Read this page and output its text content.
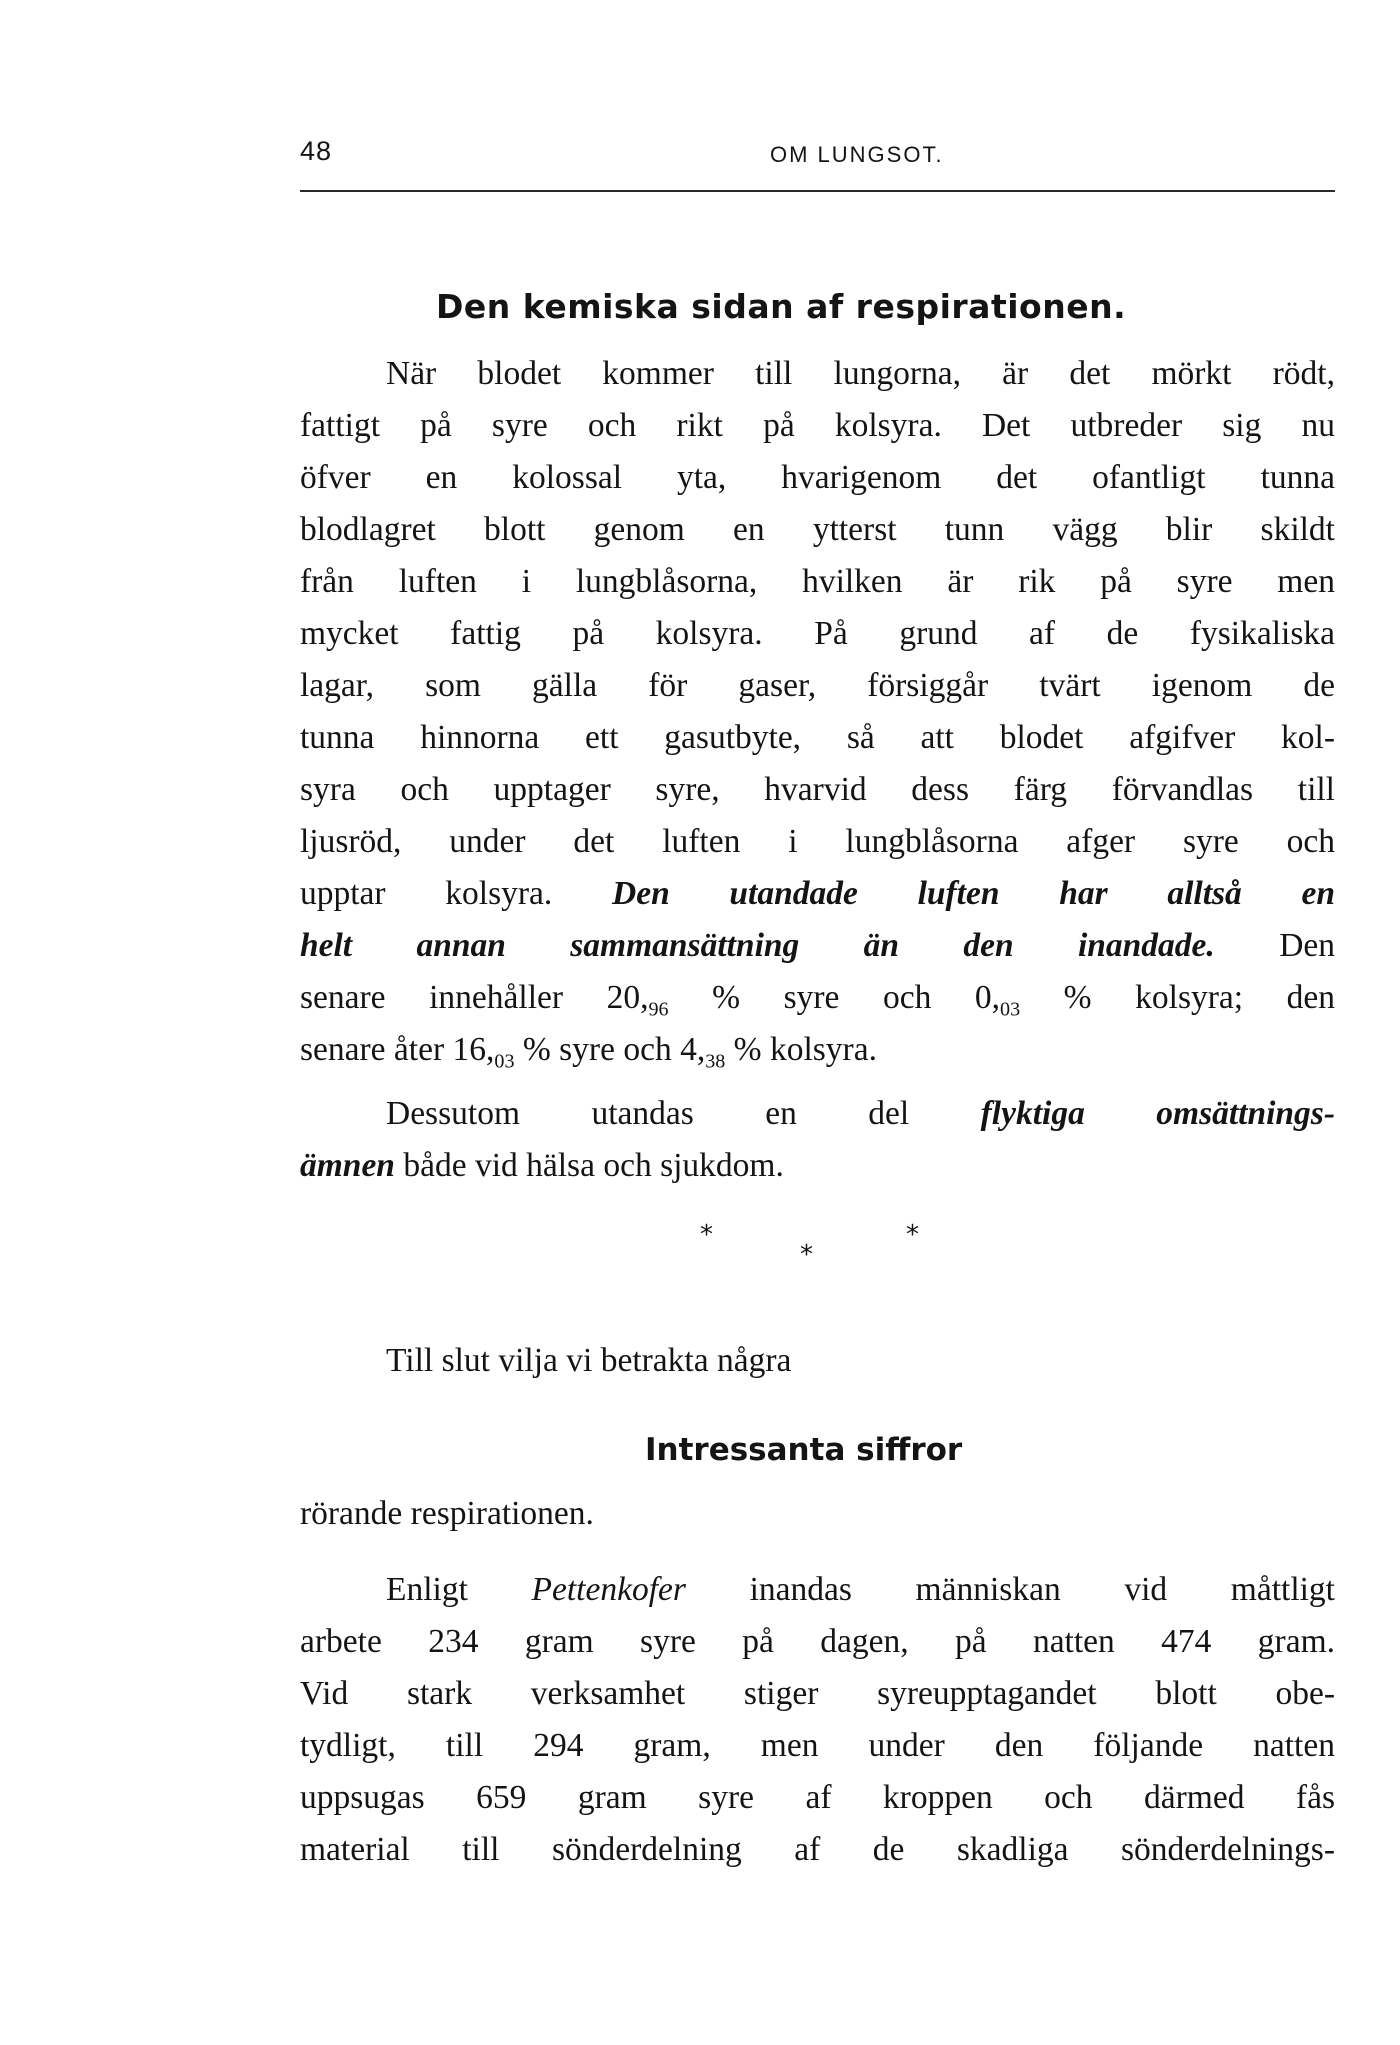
48	OM LUNGSOT.
Den kemiska sidan af respirationen.
När blodet kommer till lungorna, är det mörkt rödt,
fattigt på syre och rikt på kolsyra. Det utbreder sig nu
öfver en kolossal yta, hvarigenom det ofantligt tunna
blodlagret blott genom en ytterst tunn vägg blir skildt
från luften i lungblåsorna, hvilken är rik på syre men
mycket fattig på kolsyra. På grund af de fysikaliska
lagar, som gälla för gaser, försiggår tvärt igenom de
tunna hinnorna ett gasutbyte, så att blodet afgifver kol-
syra och upptager syre, hvarvid dess färg förvandlas till
ljusröd, under det luften i lungblåsorna afger syre och
upptar kolsyra. Den utandade luften har alltså en
helt annan sammansättning än den inandade. Den
senare innehåller $20,_{96}$ % syre och $0,_{03}$ % kolsyra; den
senare åter $16,_{03}$ % syre och $4,_{38}$ % kolsyra.
Dessutom utandas en del flyktiga omsättnings-
ämnen både vid hälsa och sjukdom.
*
*
*
Till slut vilja vi betrakta några
Intressanta siffror
rörande respirationen.
Enligt Pettenkofer inandas människan vid måttligt
arbete 234 gram syre på dagen, på natten 474 gram.
Vid stark verksamhet stiger syreupptagandet blott obe-
tydligt, till 294 gram, men under den följande natten
uppsugas 659 gram syre af kroppen och därmed fås
material till sönderdelning af de skadliga sönderdelnings-
